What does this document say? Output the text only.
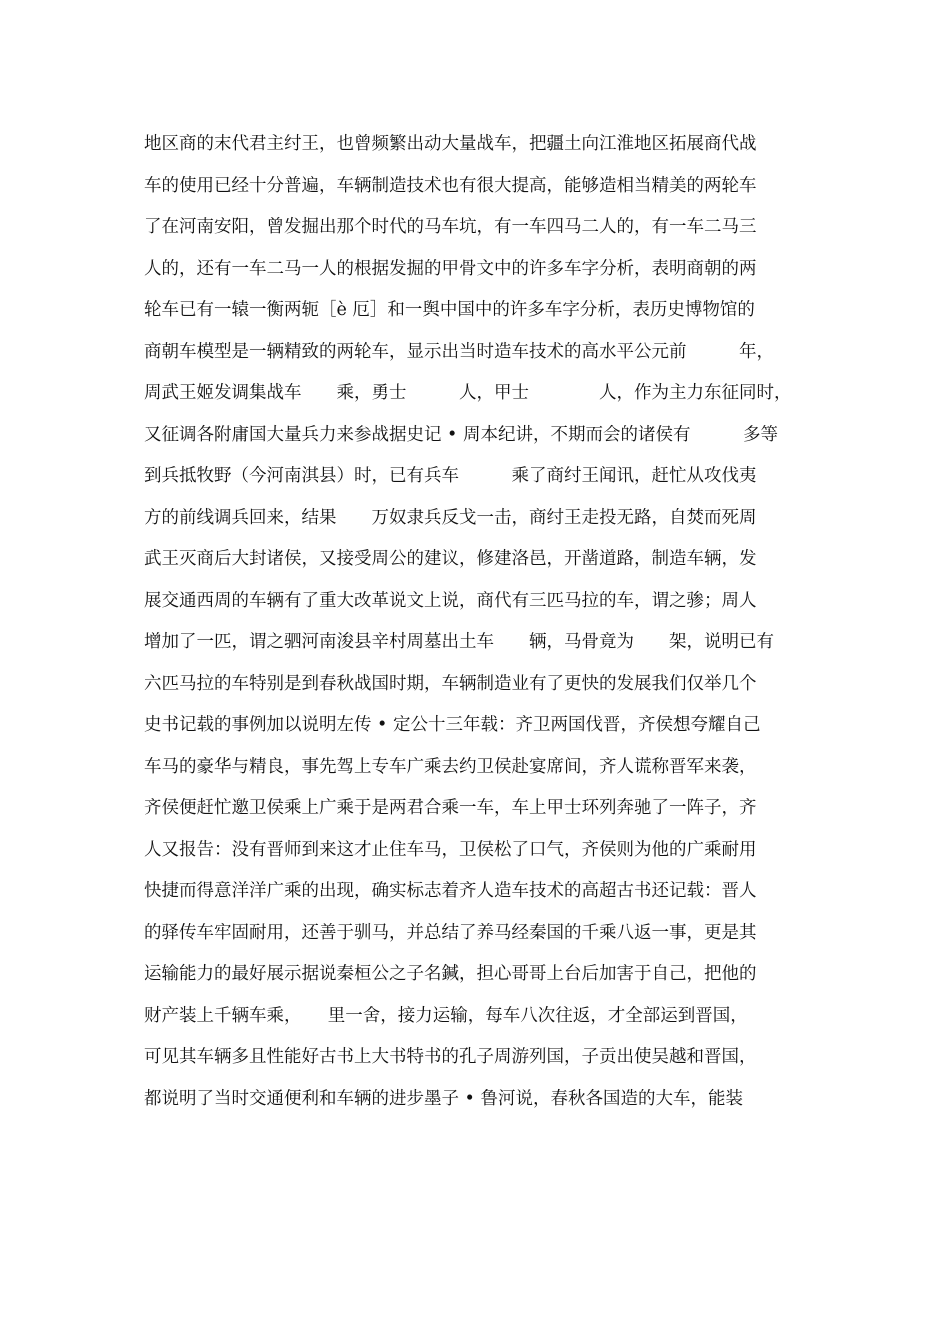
地区商的末代君主纣王，也曾频繁出动大量战车，把疆土向江淮地区拓展商代战
车的使用已经十分普遍，车辆制造技术也有很大提高，能够造相当精美的两轮车
了在河南安阳，曾发掘出那个时代的马车坑，有一车四马二人的，有一车二马三
人的，还有一车二马一人的根据发掘的甲骨文中的许多车字分析，表明商朝的两
轮车已有一辕一衡两轭［è 厄］和一舆中国中的许多车字分析，表历史博物馆的
商朝车模型是一辆精致的两轮车，显示出当时造车技术的高水平公元前　　　年，
周武王姬发调集战车　　乘，勇士　　　人，甲士　　　　人，作为主力东征同时，
又征调各附庸国大量兵力来参战据史记 • 周本纪讲，不期而会的诸侯有　　　多等
到兵抵牧野（今河南淇县）时，已有兵车　　　乘了商纣王闻讯，赶忙从攻伐夷
方的前线调兵回来，结果　　万奴隶兵反戈一击，商纣王走投无路，自焚而死周
武王灭商后大封诸侯，又接受周公的建议，修建洛邑，开凿道路，制造车辆，发
展交通西周的车辆有了重大改革说文上说，商代有三匹马拉的车，谓之骖；周人
增加了一匹，谓之驷河南浚县辛村周墓出土车　　辆，马骨竟为　　架，说明已有
六匹马拉的车特别是到春秋战国时期，车辆制造业有了更快的发展我们仅举几个
史书记载的事例加以说明左传 • 定公十三年载：齐卫两国伐晋，齐侯想夸耀自己
车马的豪华与精良，事先驾上专车广乘去约卫侯赴宴席间，齐人谎称晋军来袭，
齐侯便赶忙邀卫侯乘上广乘于是两君合乘一车，车上甲士环列奔驰了一阵子，齐
人又报告：没有晋师到来这才止住车马，卫侯松了口气，齐侯则为他的广乘耐用
快捷而得意洋洋广乘的出现，确实标志着齐人造车技术的高超古书还记载：晋人
的驿传车牢固耐用，还善于驯马，并总结了养马经秦国的千乘八返一事，更是其
运输能力的最好展示据说秦桓公之子名鍼，担心哥哥上台后加害于自己，把他的
财产装上千辆车乘，　　里一舍，接力运输，每车八次往返，才全部运到晋国，
可见其车辆多且性能好古书上大书特书的孔子周游列国，子贡出使吴越和晋国，
都说明了当时交通便利和车辆的进步墨子 • 鲁河说，春秋各国造的大车，能装
